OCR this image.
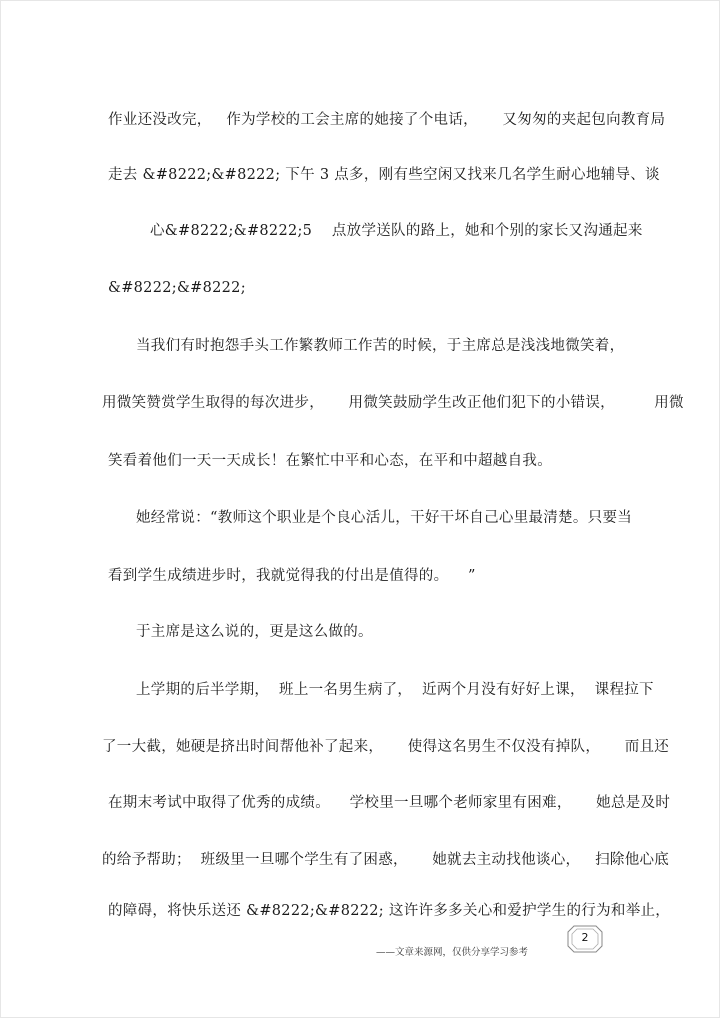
作业还没改完，   作为学校的工会主席的她接了个电话，     又匆匆的夹起包向教育局
走去 &#8222;&#8222; 下午 3 点多，刚有些空闲又找来几名学生耐心地辅导、谈
心&#8222;&#8222;5    点放学送队的路上，她和个别的家长又沟通起来
&#8222;&#8222;
当我们有时抱怨手头工作繁教师工作苦的时候，于主席总是浅浅地微笑着，
用微笑赞赏学生取得的每次进步，     用微笑鼓励学生改正他们犯下的小错误，        用微
笑看着他们一天一天成长！在繁忙中平和心态，在平和中超越自我。
她经常说：“教师这个职业是个良心活儿，干好干坏自己心里最清楚。只要当
看到学生成绩进步时，我就觉得我的付出是值得的。    ”
于主席是这么说的，更是这么做的。
上学期的后半学期，  班上一名男生病了，  近两个月没有好好上课，  课程拉下
了一大截，她硬是挤出时间帮他补了起来，     使得这名男生不仅没有掉队，     而且还
在期末考试中取得了优秀的成绩。    学校里一旦哪个老师家里有困难，     她总是及时
的给予帮助；  班级里一旦哪个学生有了困惑，     她就去主动找他谈心，   扫除他心底
的障碍，将快乐送还 &#8222;&#8222; 这许许多多关心和爱护学生的行为和举止，
2
——文章来源网，仅供分享学习参考
